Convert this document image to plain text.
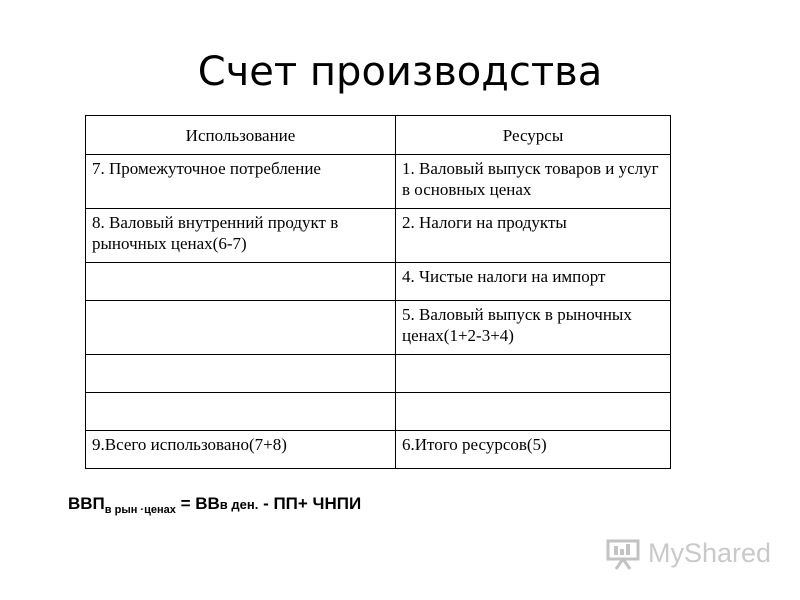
Счет производства
Использование	Ресурсы
7. Промежуточное потребление	1. Валовый выпуск товаров и услуг в основных ценах
8. Валовый внутренний продукт в рыночных ценах(6-7)	2. Налоги на продукты
	4. Чистые налоги на импорт
	5. Валовый выпуск в рыночных ценах(1+2-3+4)

9.Всего использовано(7+8)	6.Итого ресурсов(5)
$ВВП_{в рын \cdot ценах}$ = ВВв ден. - ПП+ ЧНПИ
MyShared
